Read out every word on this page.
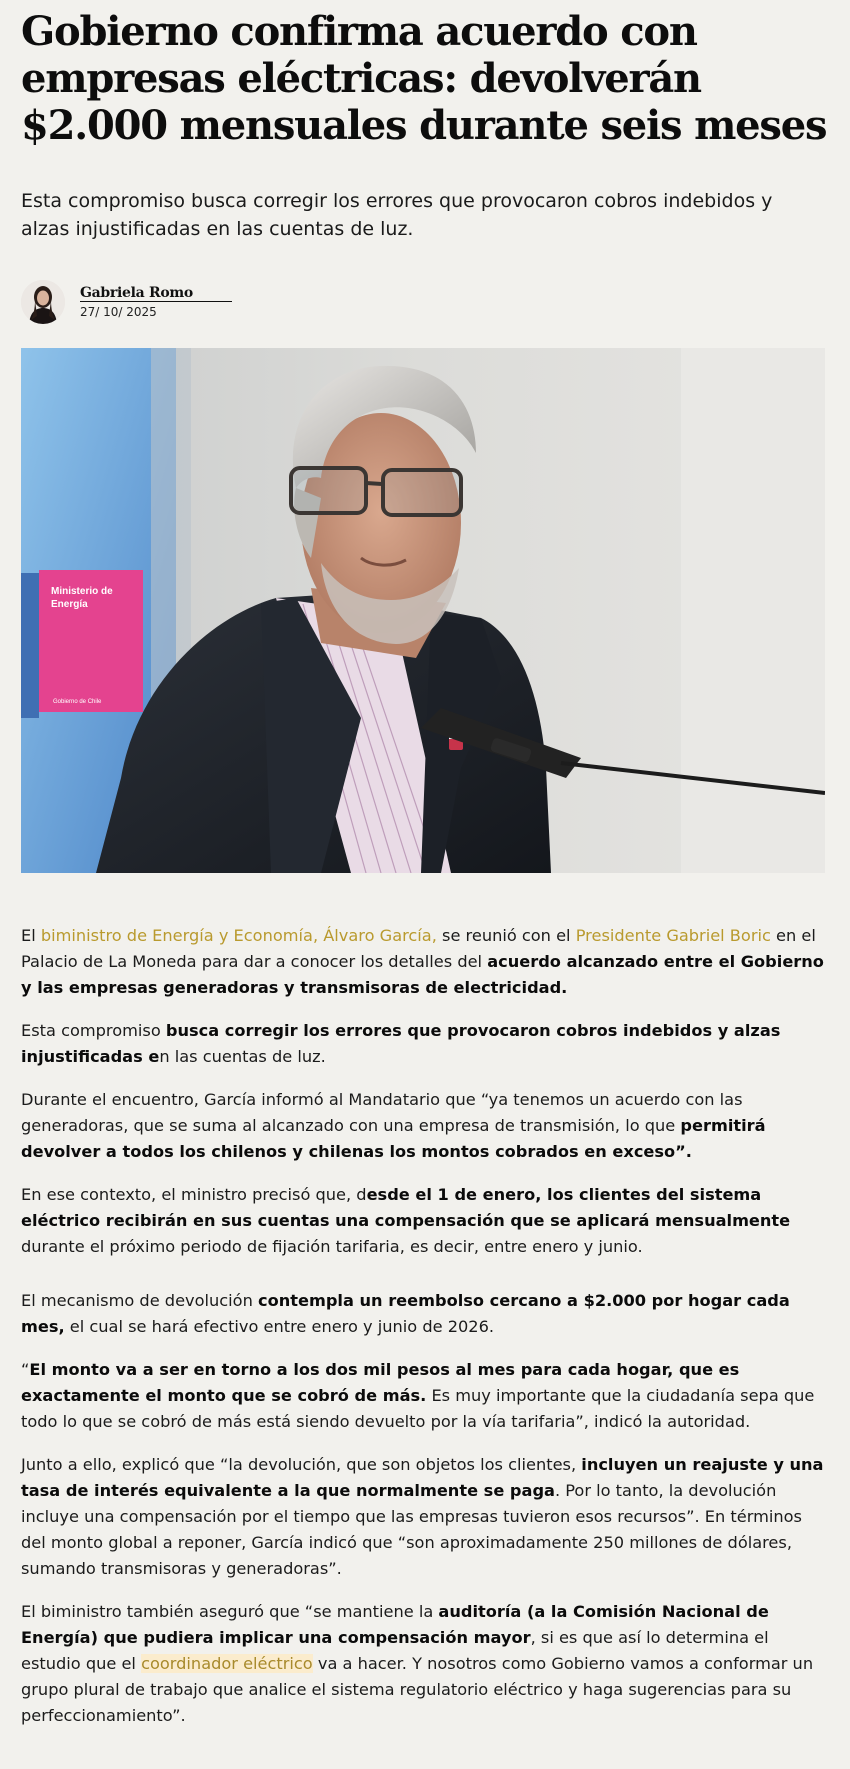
Gobierno confirma acuerdo con empresas eléctricas: devolverán $2.000 mensuales durante seis meses

Esta compromiso busca corregir los errores que provocaron cobros indebidos y alzas injustificadas en las cuentas de luz.

Gabriela Romo
27/ 10/ 2025
Ministerio de
Energía
Gobierno de Chile

El biministro de Energía y Economía, Álvaro García, se reunió con el Presidente Gabriel Boric en el Palacio de La Moneda para dar a conocer los detalles del acuerdo alcanzado entre el Gobierno y las empresas generadoras y transmisoras de electricidad.

Esta compromiso busca corregir los errores que provocaron cobros indebidos y alzas injustificadas en las cuentas de luz.

Durante el encuentro, García informó al Mandatario que “ya tenemos un acuerdo con las generadoras, que se suma al alcanzado con una empresa de transmisión, lo que permitirá devolver a todos los chilenos y chilenas los montos cobrados en exceso”.

En ese contexto, el ministro precisó que, desde el 1 de enero, los clientes del sistema eléctrico recibirán en sus cuentas una compensación que se aplicará mensualmente durante el próximo periodo de fijación tarifaria, es decir, entre enero y junio.

El mecanismo de devolución contempla un reembolso cercano a $2.000 por hogar cada mes, el cual se hará efectivo entre enero y junio de 2026.

“El monto va a ser en torno a los dos mil pesos al mes para cada hogar, que es exactamente el monto que se cobró de más. Es muy importante que la ciudadanía sepa que todo lo que se cobró de más está siendo devuelto por la vía tarifaria”, indicó la autoridad.

Junto a ello, explicó que “la devolución, que son objetos los clientes, incluyen un reajuste y una tasa de interés equivalente a la que normalmente se paga. Por lo tanto, la devolución incluye una compensación por el tiempo que las empresas tuvieron esos recursos”. En términos del monto global a reponer, García indicó que “son aproximadamente 250 millones de dólares, sumando transmisoras y generadoras”.

El biministro también aseguró que “se mantiene la auditoría (a la Comisión Nacional de Energía) que pudiera implicar una compensación mayor, si es que así lo determina el estudio que el coordinador eléctrico va a hacer. Y nosotros como Gobierno vamos a conformar un grupo plural de trabajo que analice el sistema regulatorio eléctrico y haga sugerencias para su perfeccionamiento”.
